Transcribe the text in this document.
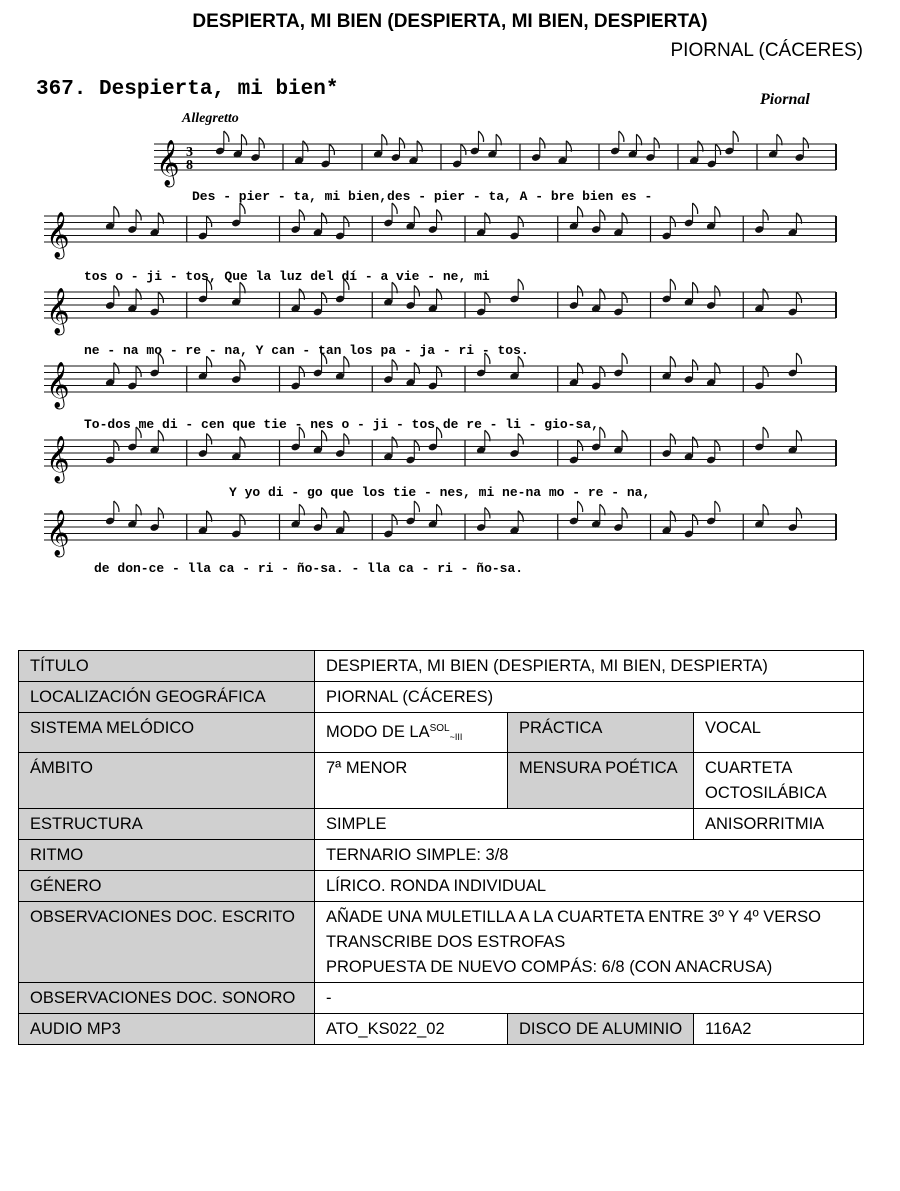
DESPIERTA, MI BIEN (DESPIERTA, MI BIEN, DESPIERTA)
PIORNAL (CÁCERES)
367. Despierta, mi bien*
Allegretto
Piornal
𝄞 3
8
𝄞
𝄞
𝄞
𝄞
𝄞
Des - pier - ta, mi bien,des - pier - ta, A - bre bien es -
tos o - ji - tos, Que la luz del dí - a vie - ne, mi
ne - na mo - re - na, Y can - tan los pa - ja - ri - tos.
To-dos me di - cen que tie - nes o - ji - tos de re - li - gio-sa,
Y yo di - go que los tie - nes, mi ne-na mo - re - na,
de don-ce - lla ca - ri - ño-sa. - lla ca - ri - ño-sa.
TÍTULO	DESPIERTA, MI BIEN (DESPIERTA, MI BIEN, DESPIERTA)		
LOCALIZACIÓN GEOGRÁFICA	PIORNAL (CÁCERES)		
SISTEMA MELÓDICO	MODO DE $LA^{SOL}_{\sim III}$	PRÁCTICA	VOCAL
ÁMBITO	7ª MENOR	MENSURA POÉTICA	CUARTETA OCTOSILÁBICA
ESTRUCTURA	SIMPLE		ANISORRITMIA
RITMO	TERNARIO SIMPLE: 3/8		
GÉNERO	LÍRICO. RONDA INDIVIDUAL		
OBSERVACIONES DOC. ESCRITO	AÑADE UNA MULETILLA A LA CUARTETA ENTRE 3º Y 4º VERSO
TRANSCRIBE DOS ESTROFAS
PROPUESTA DE NUEVO COMPÁS: 6/8 (CON ANACRUSA)		

OBSERVACIONES DOC. SONORO	-		
AUDIO MP3	ATO_KS022_02	DISCO DE ALUMINIO	116A2
